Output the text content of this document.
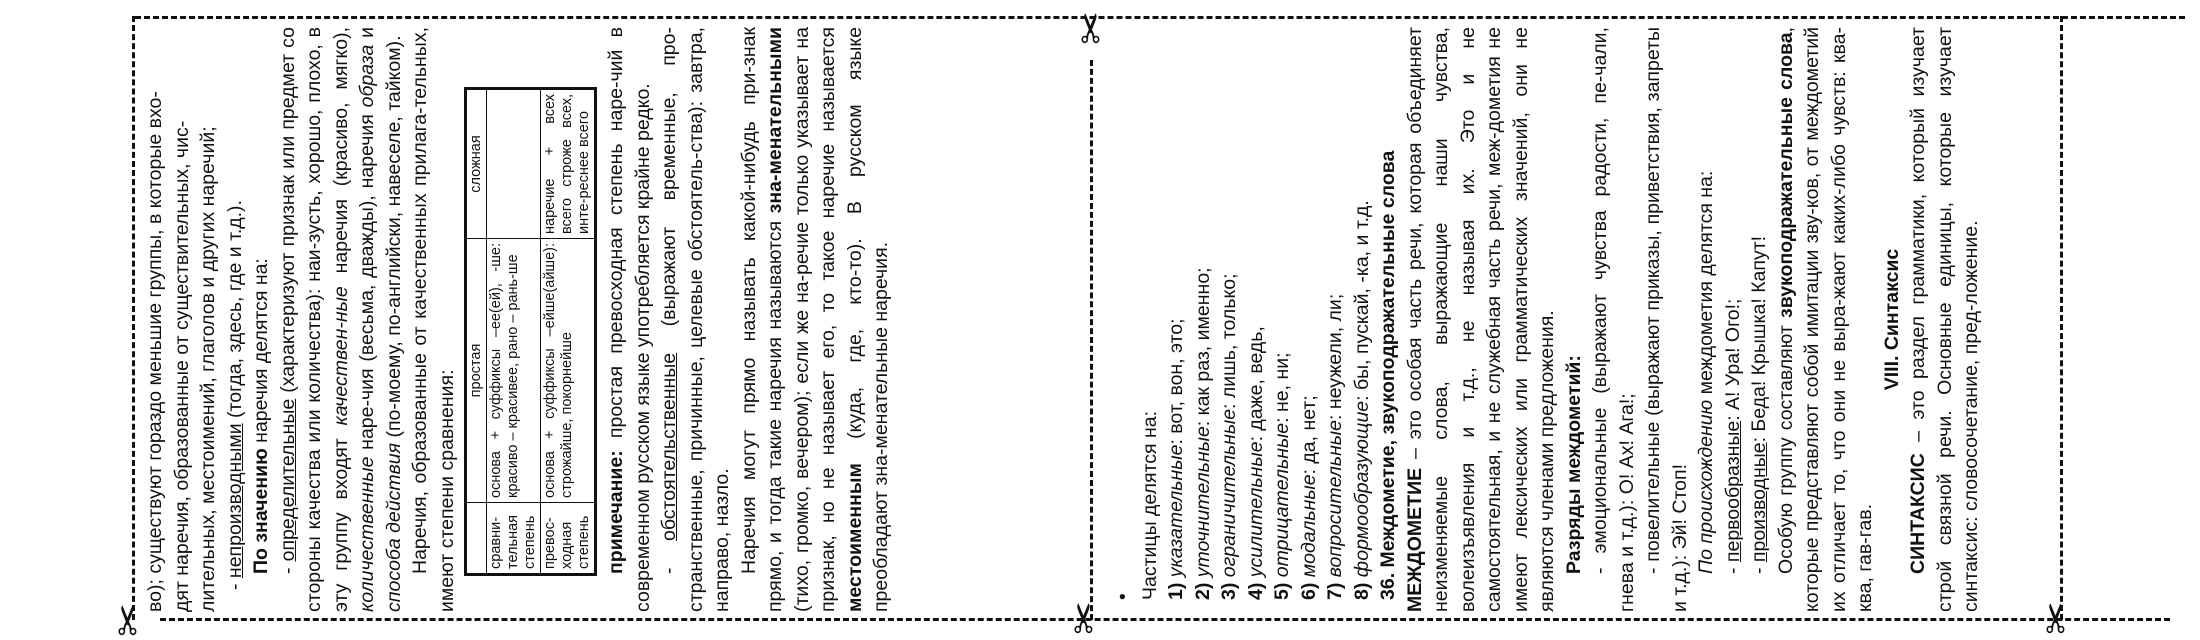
✂
✂
✂	✂

во); существуют гораздо меньшие группы, в которые вхо- дят наречия, образованные от существительных, чис- лительных, местоимений, глаголов и других наречий; - непроизводными (тогда, здесь, где и т.д.).

По значению наречия делятся на:

- определительные (характеризуют признак или предмет со стороны качества или количества): наи-зусть, хорошо, плохо, в эту группу входят качествен-ные наречия (красиво, мягко), количественные наре-чия (весьма, дважды), наречия образа и способа действия (по-моему, по-английски, навеселе, тайком). Наречия, образованные от качественных прилага-тельных, имеют степени сравнения:

	простая	сложная
сравни-тельная степень	основа + суффиксы –ее(ей), -ше: красиво – красивее, рано – рань-ше	
превос-ходная степень	основа + суффиксы –ейше(айше): строжайше, покорнейше	наречие + всех всего строже всех, инте-реснее всего

примечание: простая превосходная степень наре-чий в современном русском языке употребляется крайне редко. - обстоятельственные (выражают временные, про-странственные, причинные, целевые обстоятель-ства): завтра, направо, назло. Наречия могут прямо называть какой-нибудь при-знак прямо, и тогда такие наречия называются зна-менательными (тихо, громко, вечером); если же на-речие только указывает на признак, но не называет его, то такое наречие называется местоименным (куда, где, кто-то). В русском языке преобладают зна-менательные наречия.	• Частицы делятся на: 1) указательные: вот, вон, это;

2) уточнительные: как раз, именно;

3) ограничительные: лишь, только;

4) усилительные: даже, ведь,

5) отрицательные: не, ни;

6) модальные: да, нет;

7) вопросительные: неужели, ли;

8) формообразующие: бы, пускай, -ка, и т.д. 36. Междометие, звукоподражательные слова МЕЖДОМЕТИЕ – это особая часть речи, которая объединяет неизменяемые слова, выражающие наши чувства, волеизъявления и т.д., не называя их. Это и не самостоятельная, и не служебная часть речи, меж-дометия не имеют лексических или грамматических значений, они не являются членами предложения. Разряды междометий: - эмоциональные (выражают чувства радости, пе-чали, гнева и т.д.): О! Ах! Ага!; - повелительные (выражают приказы, приветствия, запреты и т.д.): Эй! Стоп! По происхождению междометия делятся на:

- первообразные: А! Ура! Ого!;

- производные: Беда! Крышка! Капут! Особую группу составляют звукоподражательные слова, которые представляют собой имитации зву-ков, от междометий их отличает то, что они не выра-жают каких-либо чувств: ква-ква, гав-гав.

VIII. Синтаксис

СИНТАКСИС – это раздел грамматики, который изучает строй связной речи. Основные единицы, которые изучает синтаксис: словосочетание, пред-ложение.
